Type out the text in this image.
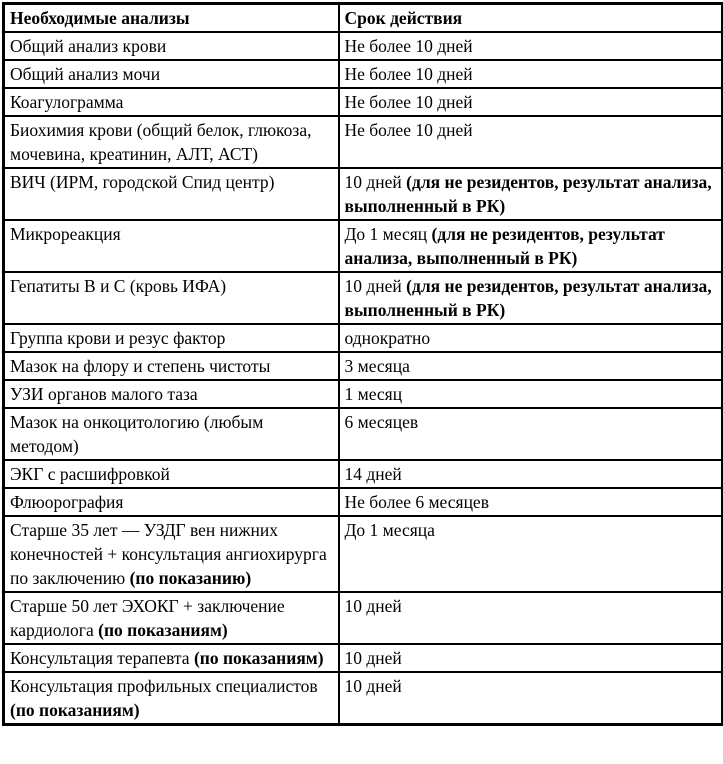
Необходимые анализы	Срок действия
Общий анализ крови	Не более 10 дней
Общий анализ мочи	Не более 10 дней
Коагулограмма	Не более 10 дней
Биохимия крови (общий белок, глюкоза, мочевина, креатинин, АЛТ, АСТ)	Не более 10 дней
ВИЧ (ИРМ, городской Спид центр)	10 дней (для не резидентов, результат анализа, выполненный в РК)
Микрореакция	До 1 месяц (для не резидентов, результат анализа, выполненный в РК)
Гепатиты В и С (кровь ИФА)	10 дней (для не резидентов, результат анализа, выполненный в РК)
Группа крови и резус фактор	однократно
Мазок на флору и степень чистоты	3 месяца
УЗИ органов малого таза	1 месяц
Мазок на онкоцитологию (любым методом)	6 месяцев
ЭКГ с расшифровкой	14 дней
Флюорография	Не более 6 месяцев
Старше 35 лет — УЗДГ вен нижних конечностей + консультация ангиохирурга по заключению (по показанию)	До 1 месяца
Старше 50 лет ЭХОКГ + заключение кардиолога (по показаниям)	10 дней
Консультация терапевта (по показаниям)	10 дней
Консультация профильных специалистов (по показаниям)	10 дней
